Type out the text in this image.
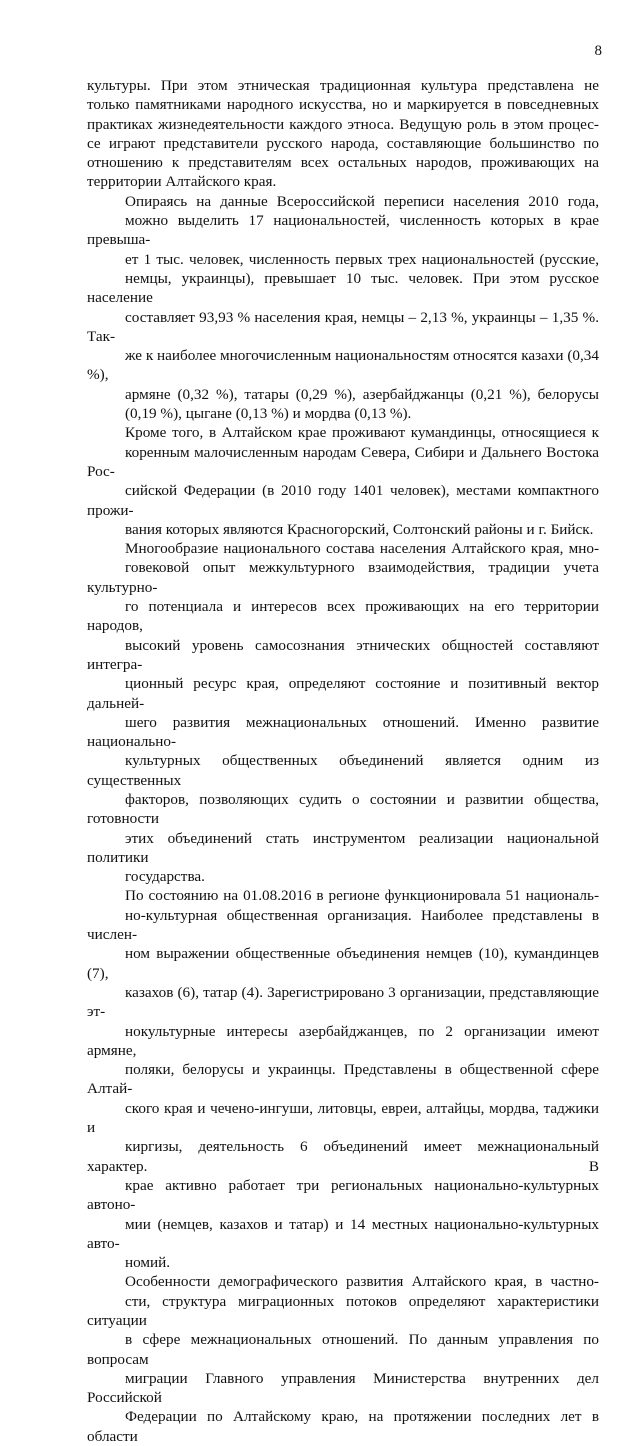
8

культуры. При этом этническая традиционная культура представлена не
только памятниками народного искусства, но и маркируется в повседневных
практиках жизнедеятельности каждого этноса. Ведущую роль в этом процес-
се играют представители русского народа, составляющие большинство по
отношению к представителям всех остальных народов, проживающих на
территории Алтайского края.

Опираясь на данные Всероссийской переписи населения 2010 года,
можно выделить 17 национальностей, численность которых в крае превыша-
ет 1 тыс. человек, численность первых трех национальностей (русские,
немцы, украинцы), превышает 10 тыс. человек. При этом русское население
составляет 93,93 % населения края, немцы – 2,13 %, украинцы – 1,35 %. Так-
же к наиболее многочисленным национальностям относятся казахи (0,34 %),
армяне (0,32 %), татары (0,29 %), азербайджанцы (0,21 %), белорусы
(0,19 %), цыгане (0,13 %) и мордва (0,13 %).

Кроме того, в Алтайском крае проживают кумандинцы, относящиеся к
коренным малочисленным народам Севера, Сибири и Дальнего Востока Рос-
сийской Федерации (в 2010 году 1401 человек), местами компактного прожи-
вания которых являются Красногорский, Солтонский районы и г. Бийск.

Многообразие национального состава населения Алтайского края, мно-
говековой опыт межкультурного взаимодействия, традиции учета культурно-
го потенциала и интересов всех проживающих на его территории народов,
высокий уровень самосознания этнических общностей составляют интегра-
ционный ресурс края, определяют состояние и позитивный вектор дальней-
шего развития межнациональных отношений. Именно развитие национально-
культурных общественных объединений является одним из существенных
факторов, позволяющих судить о состоянии и развитии общества, готовности
этих объединений стать инструментом реализации национальной политики
государства.

По состоянию на 01.08.2016 в регионе функционировала 51 националь-
но-культурная общественная организация. Наиболее представлены в числен-
ном выражении общественные объединения немцев (10), кумандинцев (7),
казахов (6), татар (4). Зарегистрировано 3 организации, представляющие эт-
нокультурные интересы азербайджанцев, по 2 организации имеют армяне,
поляки, белорусы и украинцы. Представлены в общественной сфере Алтай-
ского края и чечено-ингуши, литовцы, евреи, алтайцы, мордва, таджики и
киргизы, деятельность 6 объединений имеет межнациональный характер. В
крае активно работает три региональных национально-культурных автоно-
мии (немцев, казахов и татар) и 14 местных национально-культурных авто-
номий.

Особенности демографического развития Алтайского края, в частно-
сти, структура миграционных потоков определяют характеристики ситуации
в сфере межнациональных отношений. По данным управления по вопросам
миграции Главного управления Министерства внутренних дел Российской
Федерации по Алтайскому краю, на протяжении последних лет в области
